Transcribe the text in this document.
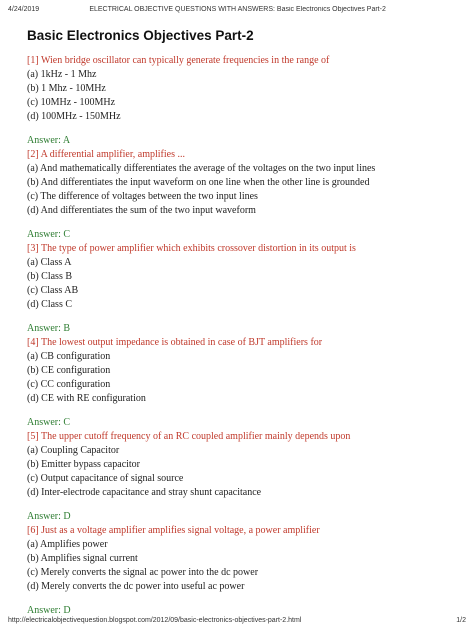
4/24/2019	ELECTRICAL OBJECTIVE QUESTIONS WITH ANSWERS: Basic Electronics Objectives Part-2
Basic Electronics Objectives Part-2
[1] Wien bridge oscillator can typically generate frequencies in the range of
(a) 1kHz - 1 Mhz
(b) 1 Mhz - 10MHz
(c) 10MHz - 100MHz
(d) 100MHz - 150MHz
Answer: A
[2] A differential amplifier, amplifies ...
(a) And mathematically differentiates the average of the voltages on the two input lines
(b) And differentiates the input waveform on one line when the other line is grounded
(c) The difference of voltages between the two input lines
(d) And differentiates the sum of the two input waveform
Answer: C
[3] The type of power amplifier which exhibits crossover distortion in its output is
(a) Class A
(b) Class B
(c) Class AB
(d) Class C
Answer: B
[4] The lowest output impedance is obtained in case of BJT amplifiers for
(a) CB configuration
(b) CE configuration
(c) CC configuration
(d) CE with RE configuration
Answer: C
[5] The upper cutoff frequency of an RC coupled amplifier mainly depends upon
(a) Coupling Capacitor
(b) Emitter bypass capacitor
(c) Output capacitance of signal source
(d) Inter-electrode capacitance and stray shunt capacitance
Answer: D
[6] Just as a voltage amplifier amplifies signal voltage, a power amplifier
(a) Amplifies power
(b) Amplifies signal current
(c) Merely converts the signal ac power into the dc power
(d) Merely converts the dc power into useful ac power
Answer: D
http://electricalobjectivequestion.blogspot.com/2012/09/basic-electronics-objectives-part-2.html	1/2
